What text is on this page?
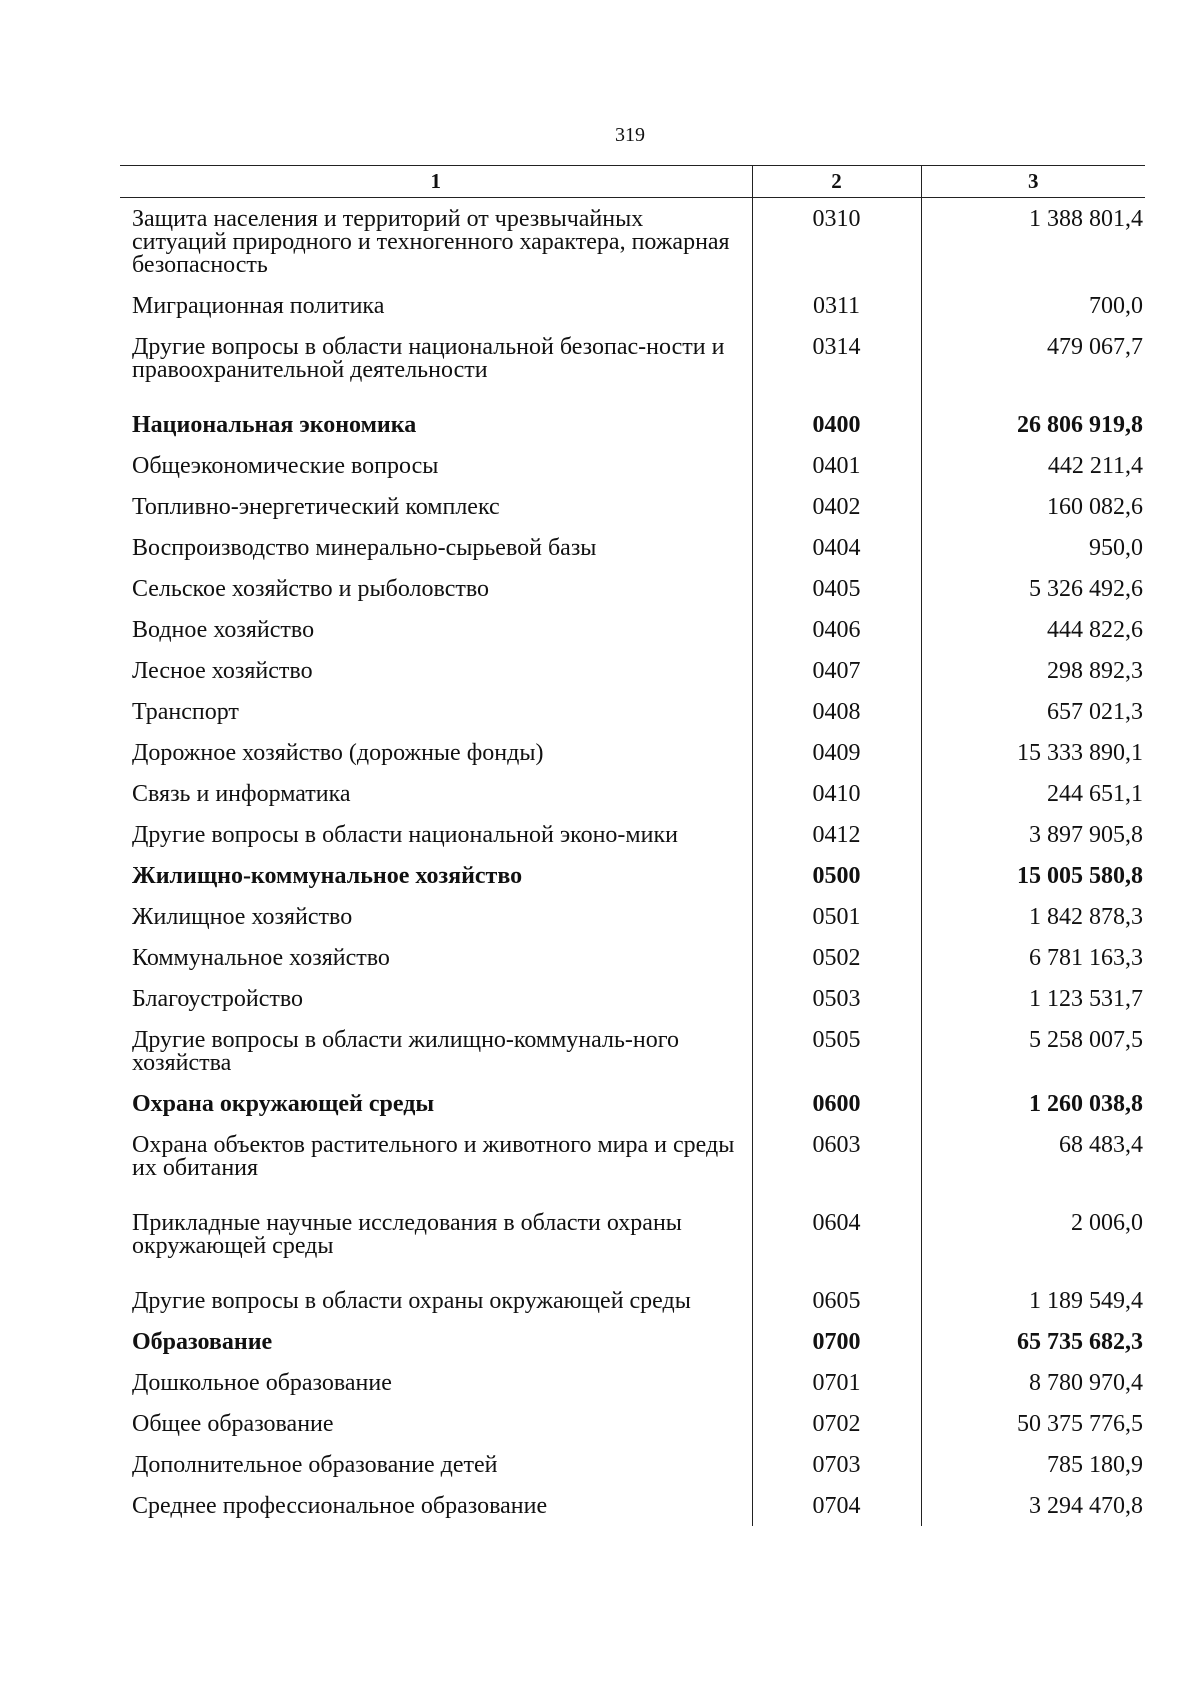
319
1	2	3
Защита населения и территорий от чрезвычайных ситуаций природного и техногенного характера, пожарная безопасность	0310	1 388 801,4
Миграционная политика	0311	700,0
Другие вопросы в области национальной безопас-ности и правоохранительной деятельности	0314	479 067,7
Национальная экономика	0400	26 806 919,8
Общеэкономические вопросы	0401	442 211,4
Топливно-энергетический комплекс	0402	160 082,6
Воспроизводство минерально-сырьевой базы	0404	950,0
Сельское хозяйство и рыболовство	0405	5 326 492,6
Водное хозяйство	0406	444 822,6
Лесное хозяйство	0407	298 892,3
Транспорт	0408	657 021,3
Дорожное хозяйство (дорожные фонды)	0409	15 333 890,1
Связь и информатика	0410	244 651,1
Другие вопросы в области национальной эконо-мики	0412	3 897 905,8
Жилищно-коммунальное хозяйство	0500	15 005 580,8
Жилищное хозяйство	0501	1 842 878,3
Коммунальное хозяйство	0502	6 781 163,3
Благоустройство	0503	1 123 531,7
Другие вопросы в области жилищно-коммуналь-ного хозяйства	0505	5 258 007,5
Охрана окружающей среды	0600	1 260 038,8
Охрана объектов растительного и животного мира и среды их обитания	0603	68 483,4
Прикладные научные исследования в области охраны окружающей среды	0604	2 006,0
Другие вопросы в области охраны окружающей среды	0605	1 189 549,4
Образование	0700	65 735 682,3
Дошкольное образование	0701	8 780 970,4
Общее образование	0702	50 375 776,5
Дополнительное образование детей	0703	785 180,9
Среднее профессиональное образование	0704	3 294 470,8
